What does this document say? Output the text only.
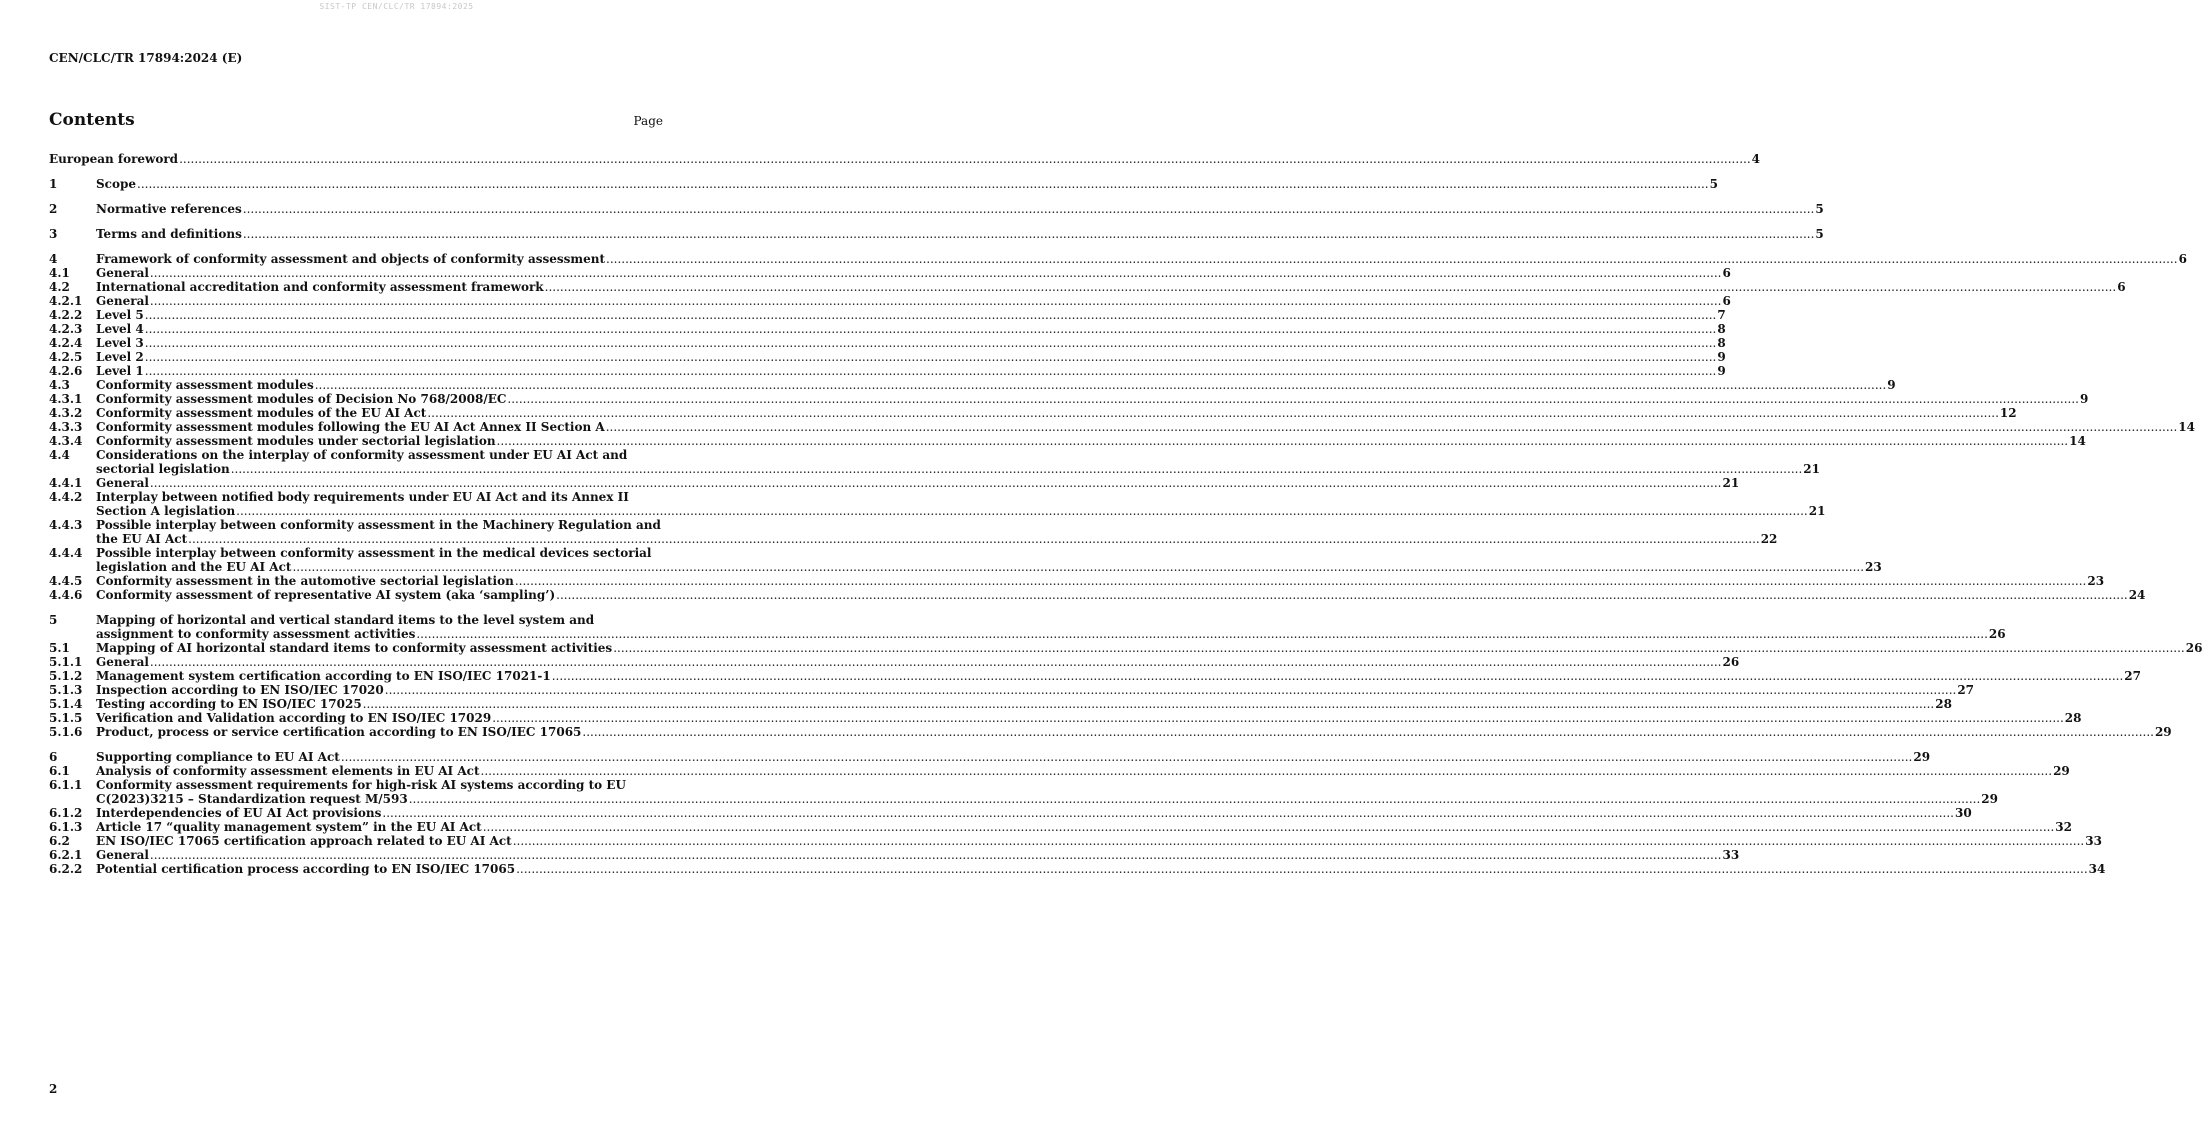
SIST-TP CEN/CLC/TR 17894:2025
CEN/CLC/TR 17894:2024 (E)
Contents	Page
European foreword .....	4
1	Scope .....	5
2	Normative references .....	5
3	Terms and definitions .....	5
4	Framework of conformity assessment and objects of conformity assessment .....	6
4.1	General .....	6
4.2	International accreditation and conformity assessment framework .....	6
4.2.1	General .....	6
4.2.2	Level 5 .....	7
4.2.3	Level 4 .....	8
4.2.4	Level 3 .....	8
4.2.5	Level 2 .....	9
4.2.6	Level 1 .....	9
4.3	Conformity assessment modules .....	9
4.3.1	Conformity assessment modules of Decision No 768/2008/EC .....	9
4.3.2	Conformity assessment modules of the EU AI Act .....	12
4.3.3	Conformity assessment modules following the EU AI Act Annex II Section A .....	14
4.3.4	Conformity assessment modules under sectorial legislation .....	14
4.4	Considerations on the interplay of conformity assessment under EU AI Act and
sectorial legislation .....	21
4.4.1	General .....	21
4.4.2	Interplay between notified body requirements under EU AI Act and its Annex II
Section A legislation .....	21
4.4.3	Possible interplay between conformity assessment in the Machinery Regulation and
the EU AI Act .....	22
4.4.4	Possible interplay between conformity assessment in the medical devices sectorial
legislation and the EU AI Act .....	23
4.4.5	Conformity assessment in the automotive sectorial legislation .....	23
4.4.6	Conformity assessment of representative AI system (aka ‘sampling’) .....	24
5	Mapping of horizontal and vertical standard items to the level system and
assignment to conformity assessment activities .....	26
5.1	Mapping of AI horizontal standard items to conformity assessment activities .....	26
5.1.1	General .....	26
5.1.2	Management system certification according to EN ISO/IEC 17021-1 .....	27
5.1.3	Inspection according to EN ISO/IEC 17020 .....	27
5.1.4	Testing according to EN ISO/IEC 17025 .....	28
5.1.5	Verification and Validation according to EN ISO/IEC 17029 .....	28
5.1.6	Product, process or service certification according to EN ISO/IEC 17065 .....	29
6	Supporting compliance to EU AI Act .....	29
6.1	Analysis of conformity assessment elements in EU AI Act .....	29
6.1.1	Conformity assessment requirements for high-risk AI systems according to EU
C(2023)3215 – Standardization request M/593 .....	29
6.1.2	Interdependencies of EU AI Act provisions .....	30
6.1.3	Article 17 “quality management system” in the EU AI Act .....	32
6.2	EN ISO/IEC 17065 certification approach related to EU AI Act .....	33
6.2.1	General .....	33
6.2.2	Potential certification process according to EN ISO/IEC 17065 .....	34
2
